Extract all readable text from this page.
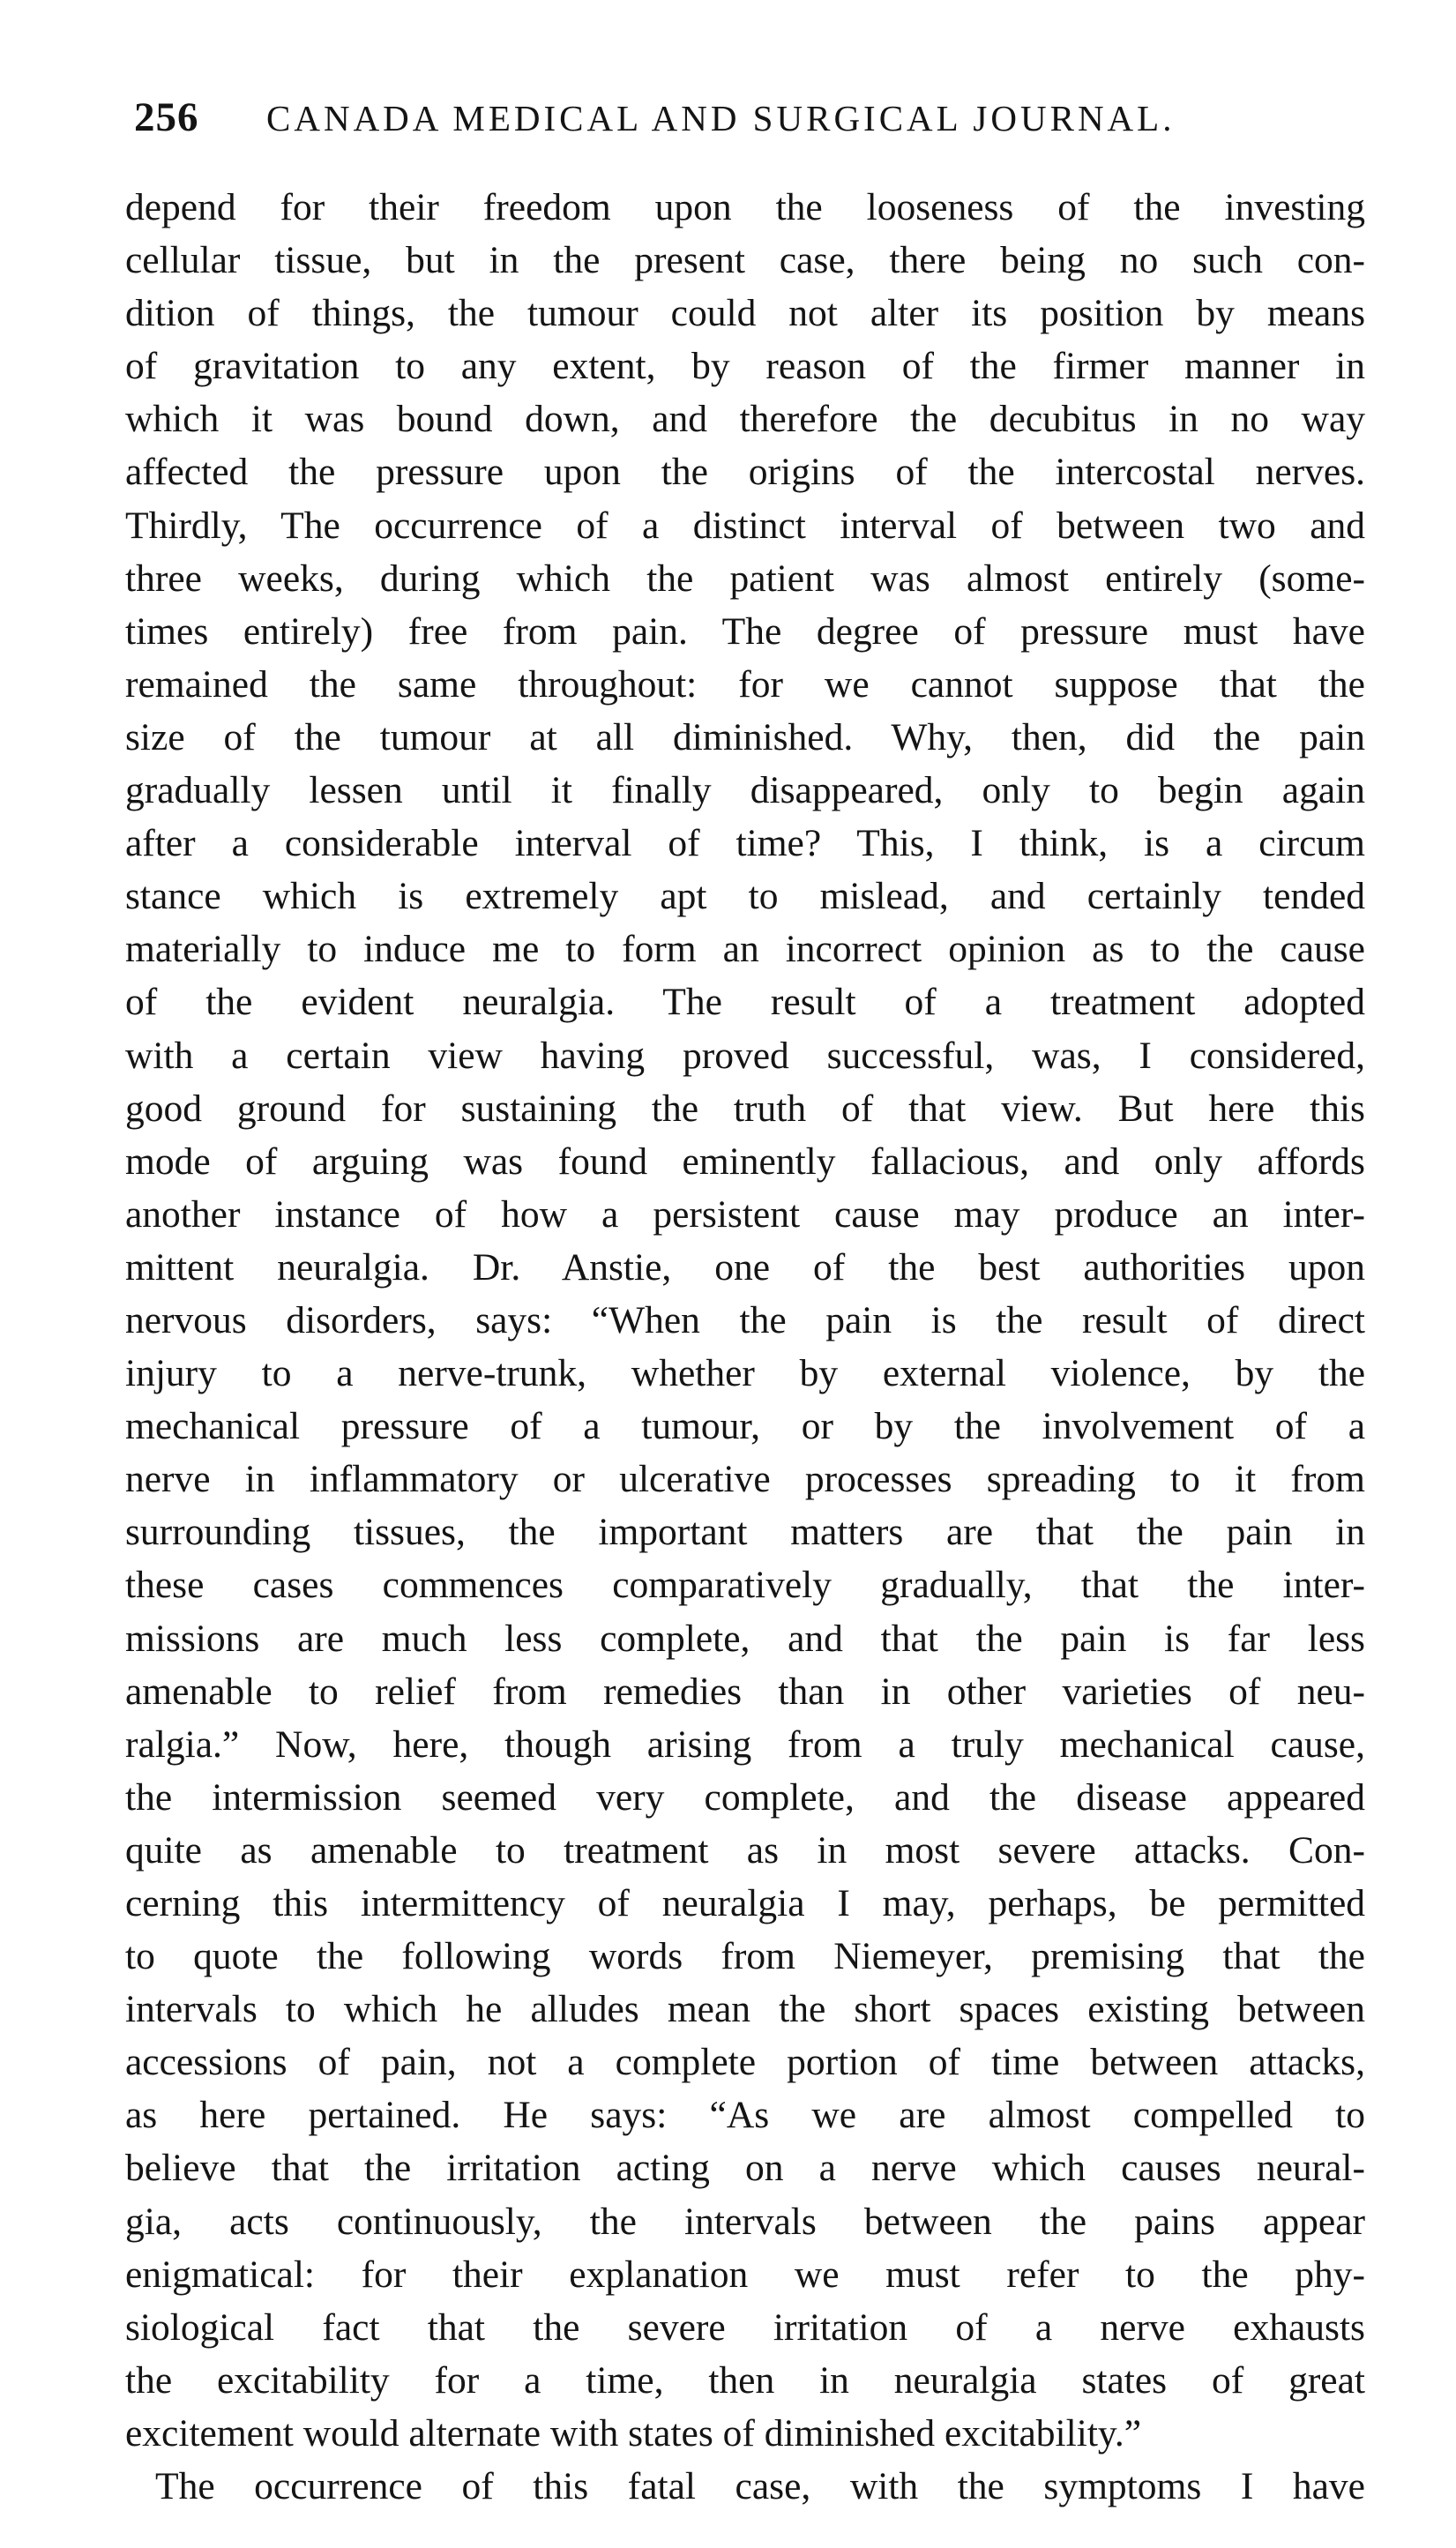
256 CANADA MEDICAL AND SURGICAL JOURNAL.
depend for their freedom upon the looseness of the investing
cellular tissue, but in the present case, there being no such con-
dition of things, the tumour could not alter its position by means
of gravitation to any extent, by reason of the firmer manner in
which it was bound down, and therefore the decubitus in no way
affected the pressure upon the origins of the intercostal nerves.
Thirdly, The occurrence of a distinct interval of between two and
three weeks, during which the patient was almost entirely (some-
times entirely) free from pain. The degree of pressure must have
remained the same throughout: for we cannot suppose that the
size of the tumour at all diminished. Why, then, did the pain
gradually lessen until it finally disappeared, only to begin again
after a considerable interval of time? This, I think, is a circum
stance which is extremely apt to mislead, and certainly tended
materially to induce me to form an incorrect opinion as to the cause
of the evident neuralgia. The result of a treatment adopted
with a certain view having proved successful, was, I considered,
good ground for sustaining the truth of that view. But here this
mode of arguing was found eminently fallacious, and only affords
another instance of how a persistent cause may produce an inter-
mittent neuralgia. Dr. Anstie, one of the best authorities upon
nervous disorders, says: “When the pain is the result of direct
injury to a nerve-trunk, whether by external violence, by the
mechanical pressure of a tumour, or by the involvement of a
nerve in inflammatory or ulcerative processes spreading to it from
surrounding tissues, the important matters are that the pain in
these cases commences comparatively gradually, that the inter-
missions are much less complete, and that the pain is far less
amenable to relief from remedies than in other varieties of neu-
ralgia.” Now, here, though arising from a truly mechanical cause,
the intermission seemed very complete, and the disease appeared
quite as amenable to treatment as in most severe attacks. Con-
cerning this intermittency of neuralgia I may, perhaps, be permitted
to quote the following words from Niemeyer, premising that the
intervals to which he alludes mean the short spaces existing between
accessions of pain, not a complete portion of time between attacks,
as here pertained. He says: “As we are almost compelled to
believe that the irritation acting on a nerve which causes neural-
gia, acts continuously, the intervals between the pains appear
enigmatical: for their explanation we must refer to the phy-
siological fact that the severe irritation of a nerve exhausts
the excitability for a time, then in neuralgia states of great
excitement would alternate with states of diminished excitability.”
The occurrence of this fatal case, with the symptoms I have
